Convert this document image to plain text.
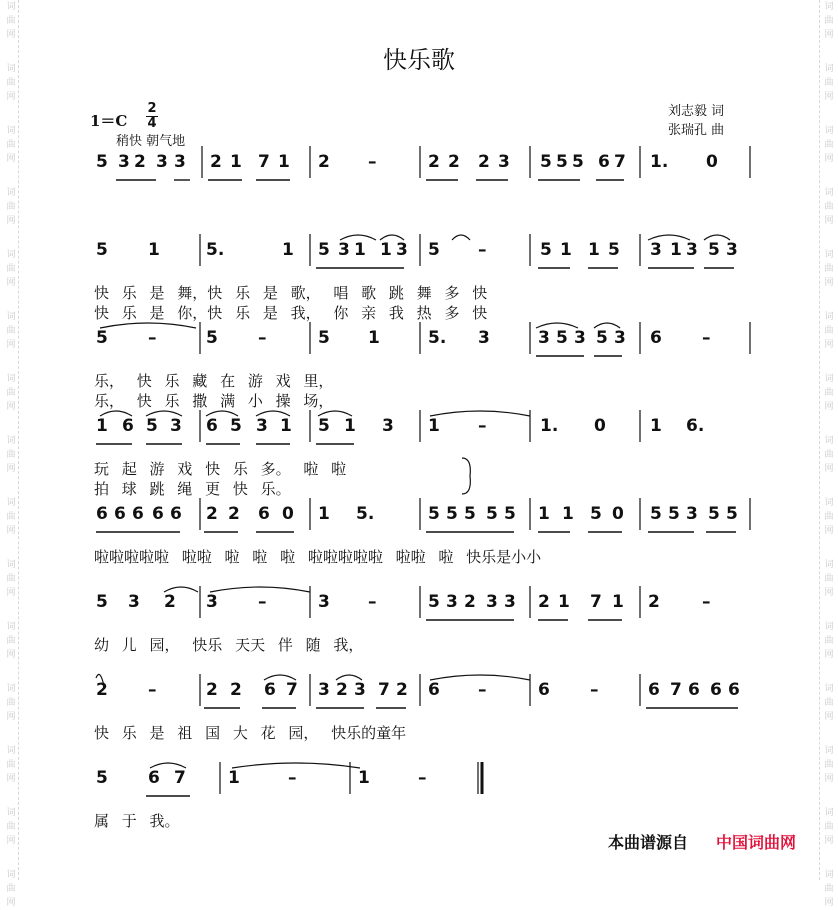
词
曲
网
词
曲
网
词
曲
网
词
曲
网
词
曲
网
词
曲
网
词
曲
网
词
曲
网
词
曲
网
词
曲
网
词
曲
网
词
曲
网
词
曲
网
词
曲
网
词
曲
网
词
曲
网
词
曲
网
词
曲
网
词
曲
网
词
曲
网
词
曲
网
词
曲
网
词
曲
网
词
曲
网
词
曲
网
词
曲
网
词
曲
网
词
曲
网
词
曲
网
词
曲
网
快乐歌
1＝C
2
4
稍快 朝气地
刘志毅 词
张瑞孔 曲
5 3 2 3 3 2 1 7 1 2 –	2 2 2 3 5 5 5 6 7 1. 0
5 1	5.	1 5 3 1 1 3 5 –	5 1 1 5 3 1 3 5 3
快 乐 是 舞，快 乐 是 歌， 唱 歌 跳 舞 多 快
快 乐 是 你，快 乐 是 我， 你 亲 我 热 多 快
5 –	5 –	5 1	5. 3	3 5 3 5 3 6 –
乐， 快 乐 藏 在 游 戏 里，
乐， 快 乐 撒 满 小 操 场，
1 6 5 3 6 5 3 1 5 1 3 1 –	1. 0	1 6.
玩 起 游 戏 快 乐 多。 啦 啦
拍 球 跳 绳 更 快 乐。
6 6 6 6 6 2 2 6 0 1 5.	5 5 5 5 5 1 1 5 0 5 5 3 5 5
啦啦啦啦啦 啦啦 啦 啦 啦 啦啦啦啦啦 啦啦 啦 快乐是小小
5 3 2 3 –	3 –	5 3 2 3 3 2 1 7 1 2 –
幼 儿 园， 快乐 天天 伴 随 我，
2 –	2 2 6 7 3 2 3 7 2 6 –	6 –	6 7 6 6 6
快 乐 是 祖 国 大 花 园， 快乐的童年
5 6 7 1	–	1	–
属 于 我。
本曲谱源自 中国词曲网
